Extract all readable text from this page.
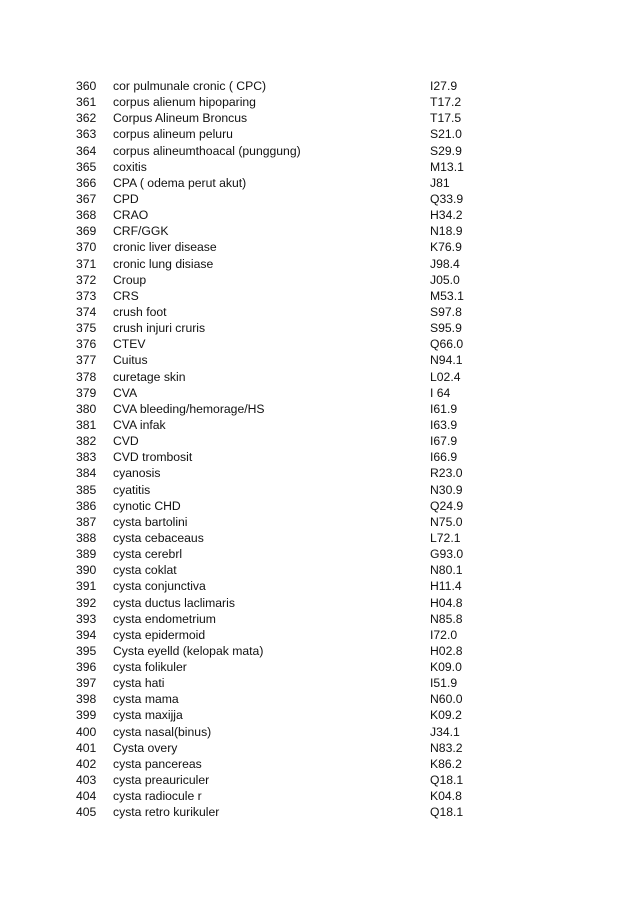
360 cor pulmunale cronic ( CPC)	I27.9
361 corpus alienum hipoparing	T17.2
362 Corpus Alineum Broncus	T17.5
363 corpus alineum peluru	S21.0
364 corpus alineumthoacal (punggung)	S29.9
365 coxitis	M13.1
366 CPA ( odema perut akut)	J81
367 CPD	Q33.9
368 CRAO	H34.2
369 CRF/GGK	N18.9
370 cronic liver disease	K76.9
371 cronic lung disiase	J98.4
372 Croup	J05.0
373 CRS	M53.1
374 crush foot	S97.8
375 crush injuri cruris	S95.9
376 CTEV	Q66.0
377 Cuitus	N94.1
378 curetage skin	L02.4
379 CVA	I 64
380 CVA bleeding/hemorage/HS	I61.9
381 CVA infak	I63.9
382 CVD	I67.9
383 CVD trombosit	I66.9
384 cyanosis	R23.0
385 cyatitis	N30.9
386 cynotic CHD	Q24.9
387 cysta bartolini	N75.0
388 cysta cebaceaus	L72.1
389 cysta cerebrl	G93.0
390 cysta coklat	N80.1
391 cysta conjunctiva	H11.4
392 cysta ductus laclimaris	H04.8
393 cysta endometrium	N85.8
394 cysta epidermoid	I72.0
395 Cysta eyelld (kelopak mata)	H02.8
396 cysta folikuler	K09.0
397 cysta hati	I51.9
398 cysta mama	N60.0
399 cysta maxijja	K09.2
400 cysta nasal(binus)	J34.1
401 Cysta overy	N83.2
402 cysta pancereas	K86.2
403 cysta preauriculer	Q18.1
404 cysta radiocule r	K04.8
405 cysta retro kurikuler	Q18.1
